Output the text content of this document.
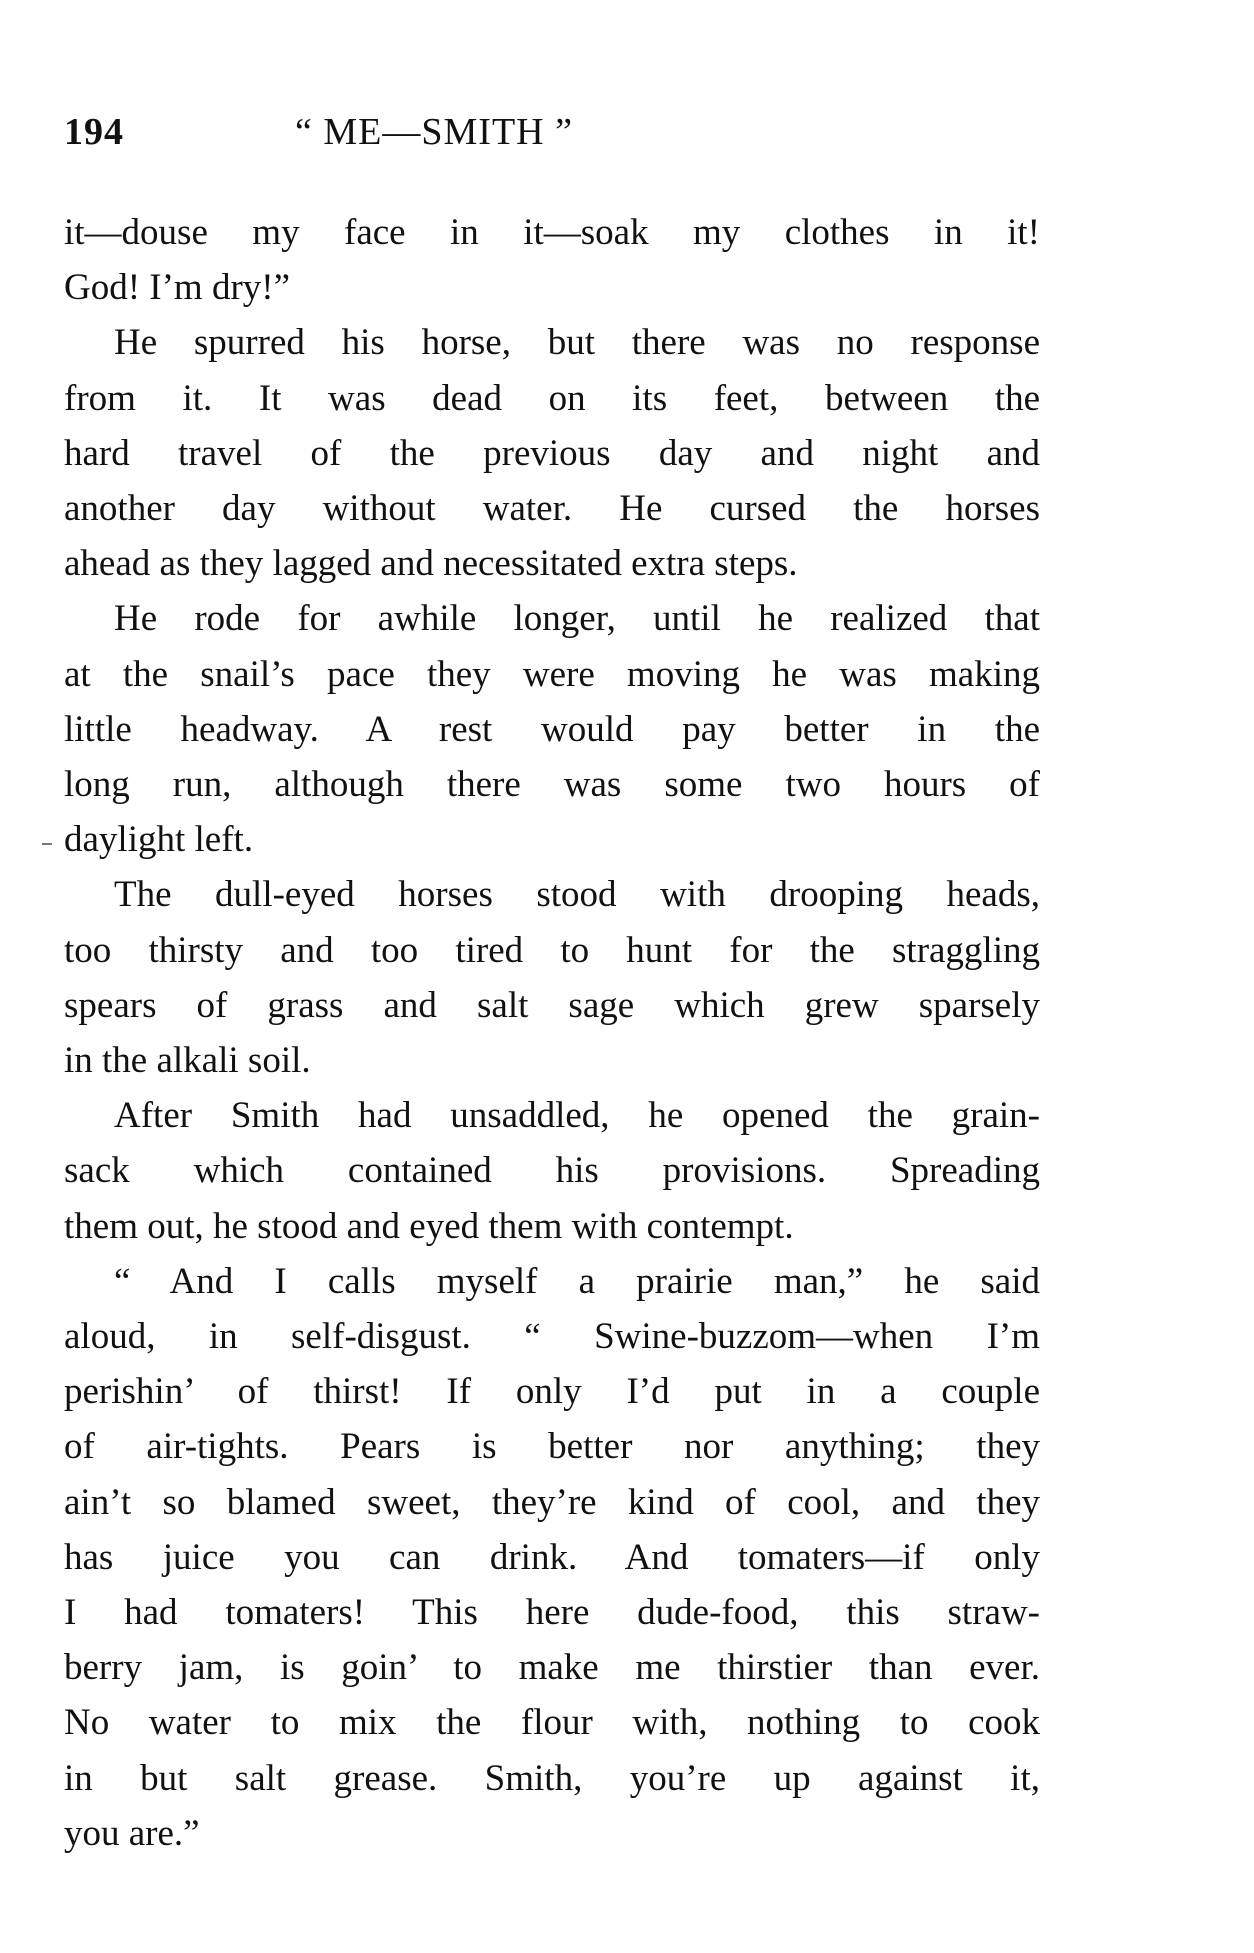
194	“ ME—SMITH ”

it—douse my face in it—soak my clothes in it!
God! I’m dry!”

He spurred his horse, but there was no response
from it. It was dead on its feet, between the
hard travel of the previous day and night and
another day without water. He cursed the horses
ahead as they lagged and necessitated extra steps.

He rode for awhile longer, until he realized that
at the snail’s pace they were moving he was making
little headway. A rest would pay better in the
long run, although there was some two hours of
daylight left.

The dull-eyed horses stood with drooping heads,
too thirsty and too tired to hunt for the straggling
spears of grass and salt sage which grew sparsely
in the alkali soil.

After Smith had unsaddled, he opened the grain-
sack which contained his provisions. Spreading
them out, he stood and eyed them with contempt.

“ And I calls myself a prairie man,” he said
aloud, in self-disgust. “ Swine-buzzom—when I’m
perishin’ of thirst! If only I’d put in a couple
of air-tights. Pears is better nor anything; they
ain’t so blamed sweet, they’re kind of cool, and they
has juice you can drink. And tomaters—if only
I had tomaters! This here dude-food, this straw-
berry jam, is goin’ to make me thirstier than ever.
No water to mix the flour with, nothing to cook
in but salt grease. Smith, you’re up against it,
you are.”
